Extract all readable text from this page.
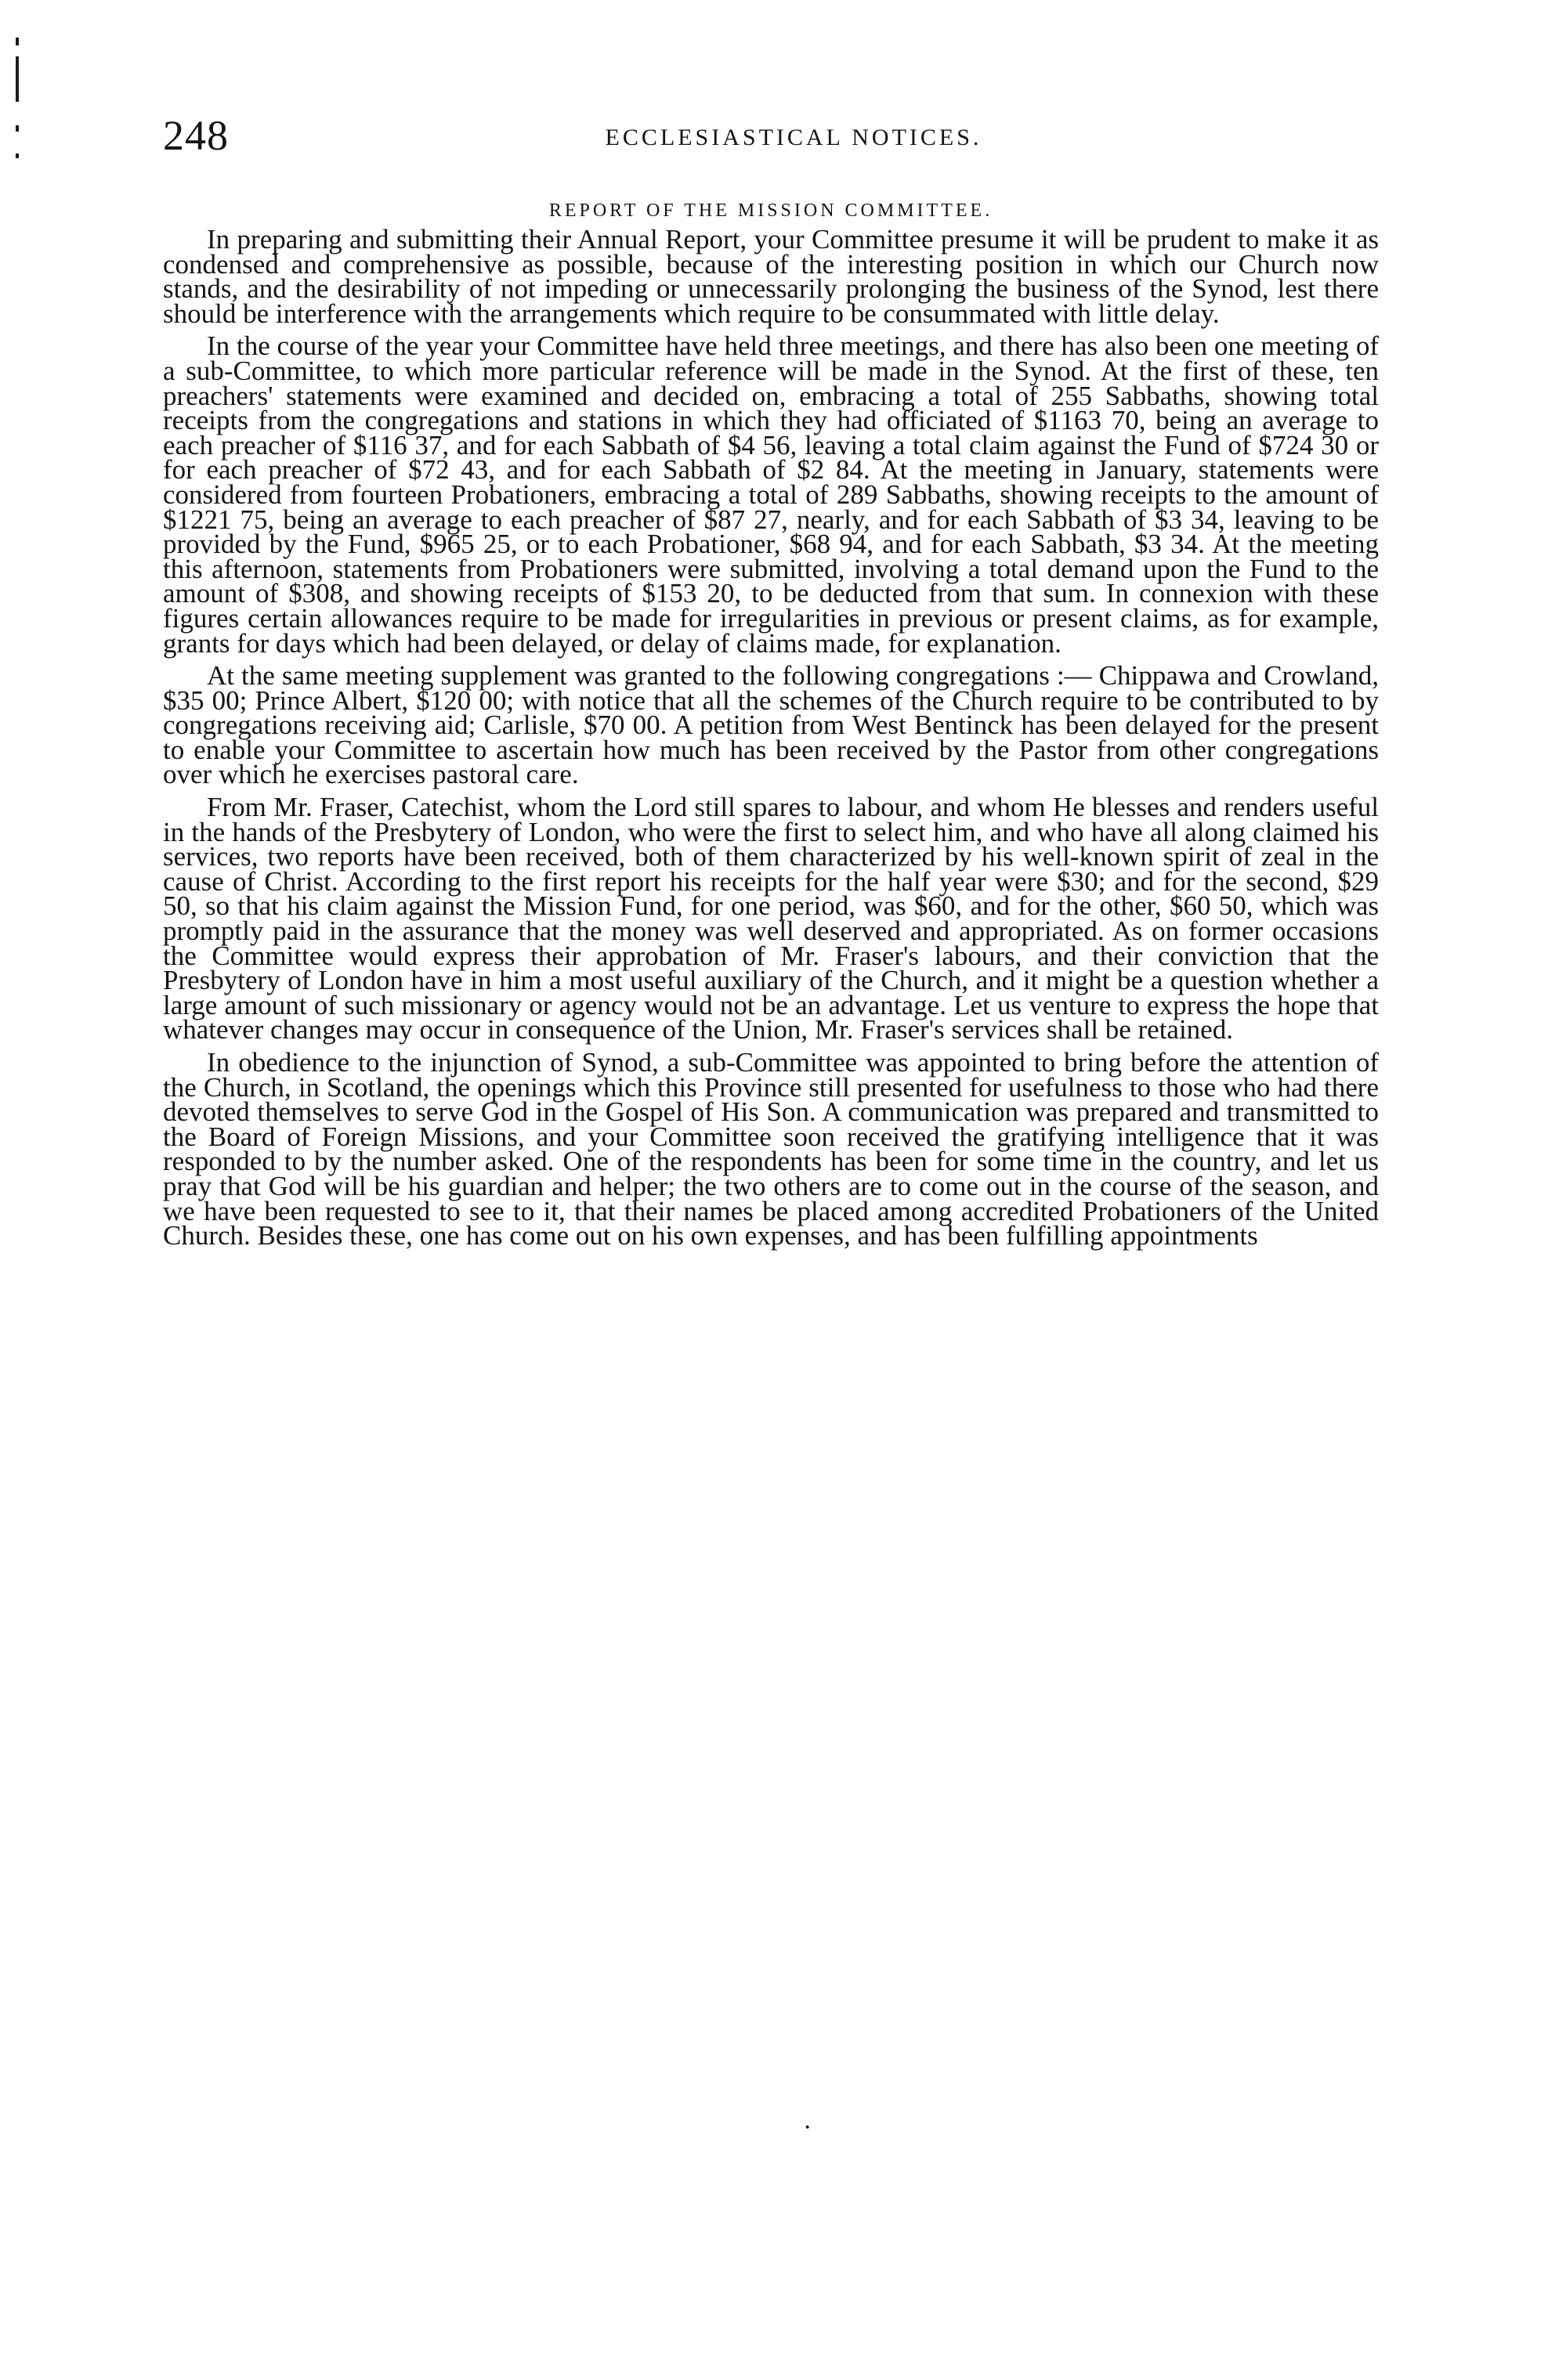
248	ECCLESIASTICAL NOTICES.
REPORT OF THE MISSION COMMITTEE.

In preparing and submitting their Annual Report, your Committee presume it will be prudent to make it as condensed and comprehensive as possible, because of the interesting position in which our Church now stands, and the desirability of not impeding or unnecessarily prolonging the business of the Synod, lest there should be interference with the arrangements which require to be consummated with little delay.

In the course of the year your Committee have held three meetings, and there has also been one meeting of a sub-Committee, to which more particular reference will be made in the Synod. At the first of these, ten preachers' statements were examined and decided on, embracing a total of 255 Sabbaths, showing total receipts from the congregations and stations in which they had officiated of $1163 70, being an average to each preacher of $116 37, and for each Sabbath of $4 56, leaving a total claim against the Fund of $724 30 or for each preacher of $72 43, and for each Sabbath of $2 84. At the meeting in January, statements were considered from fourteen Probationers, embracing a total of 289 Sabbaths, showing receipts to the amount of $1221 75, being an average to each preacher of $87 27, nearly, and for each Sabbath of $3 34, leaving to be provided by the Fund, $965 25, or to each Probationer, $68 94, and for each Sabbath, $3 34. At the meeting this afternoon, statements from Probationers were submitted, involving a total demand upon the Fund to the amount of $308, and showing receipts of $153 20, to be deducted from that sum. In connexion with these figures certain allowances require to be made for irregularities in previous or present claims, as for example, grants for days which had been delayed, or delay of claims made, for explanation.

At the same meeting supplement was granted to the following congregations :— Chippawa and Crowland, $35 00; Prince Albert, $120 00; with notice that all the schemes of the Church require to be contributed to by congregations receiving aid; Carlisle, $70 00. A petition from West Bentinck has been delayed for the present to enable your Committee to ascertain how much has been received by the Pastor from other congregations over which he exercises pastoral care.

From Mr. Fraser, Catechist, whom the Lord still spares to labour, and whom He blesses and renders useful in the hands of the Presbytery of London, who were the first to select him, and who have all along claimed his services, two reports have been received, both of them characterized by his well-known spirit of zeal in the cause of Christ. According to the first report his receipts for the half year were $30; and for the second, $29 50, so that his claim against the Mission Fund, for one period, was $60, and for the other, $60 50, which was promptly paid in the assurance that the money was well deserved and appropriated. As on former occasions the Committee would express their approbation of Mr. Fraser's labours, and their conviction that the Presbytery of London have in him a most useful auxiliary of the Church, and it might be a question whether a large amount of such missionary or agency would not be an advantage. Let us venture to express the hope that whatever changes may occur in consequence of the Union, Mr. Fraser's services shall be retained.

In obedience to the injunction of Synod, a sub-Committee was appointed to bring before the attention of the Church, in Scotland, the openings which this Province still presented for usefulness to those who had there devoted themselves to serve God in the Gospel of His Son. A communication was prepared and transmitted to the Board of Foreign Missions, and your Committee soon received the gratifying intelligence that it was responded to by the number asked. One of the respondents has been for some time in the country, and let us pray that God will be his guardian and helper; the two others are to come out in the course of the season, and we have been requested to see to it, that their names be placed among accredited Probationers of the United Church. Besides these, one has come out on his own expenses, and has been fulfilling appointments

·
